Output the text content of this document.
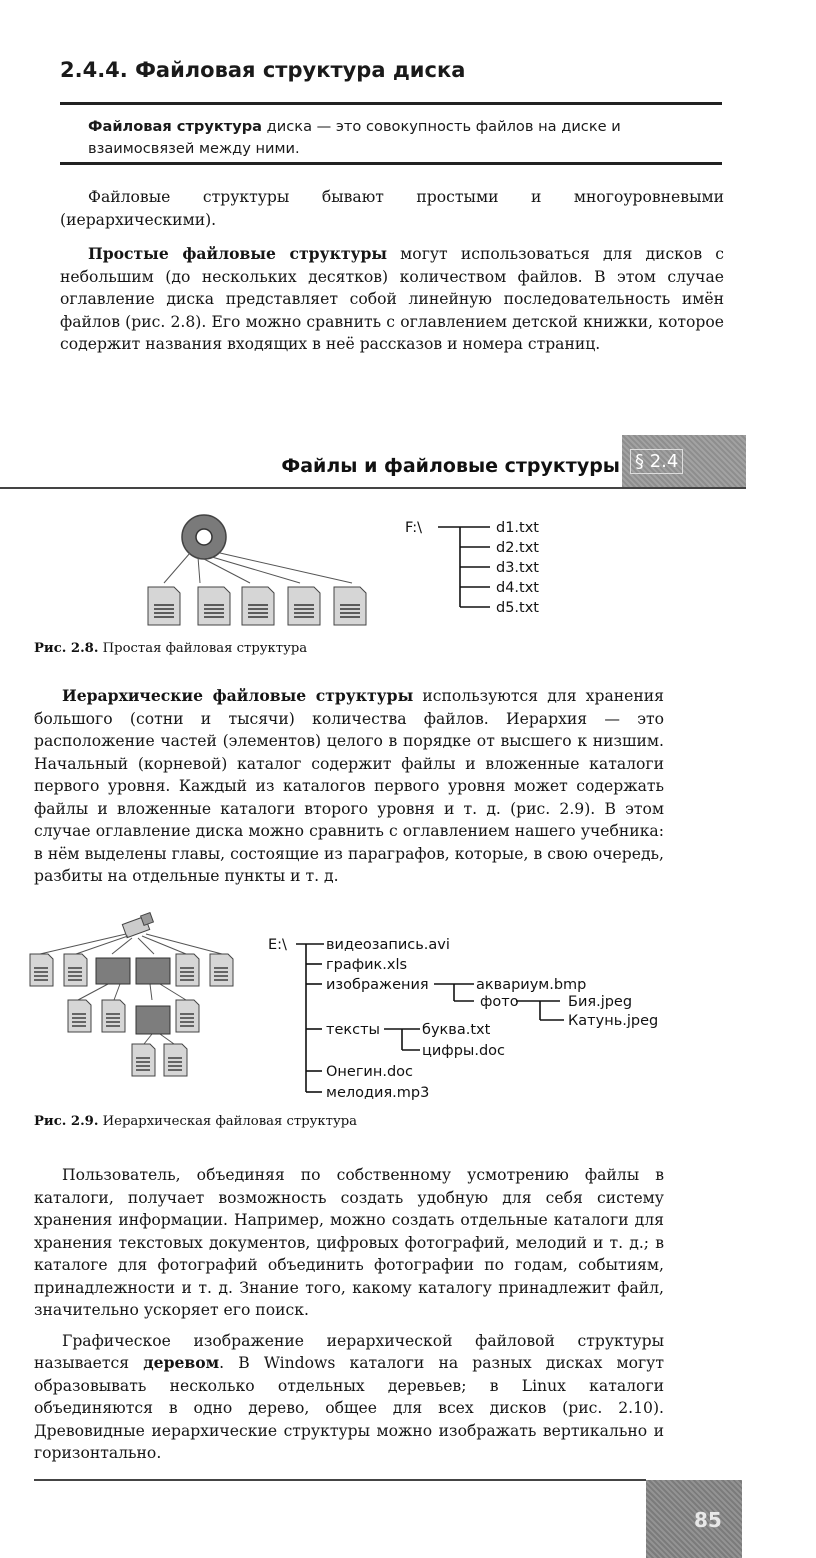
2.4.4. Файловая структура диска
Файловая структура диска — это совокупность файлов на диске и взаимосвязей между ними.

Файловые структуры бывают простыми и многоуровневыми (иерархическими).

Простые файловые структуры могут использоваться для дисков с небольшим (до нескольких десятков) количеством файлов. В этом случае оглавление диска представляет собой линейную последовательность имён файлов (рис. 2.8). Его можно сравнить с оглавлением детской книжки, которое содержит названия входящих в неё рассказов и номера страниц.

Файлы и файловые структуры § 2.4
F:\	d1.txt
d2.txt
d3.txt
d4.txt
d5.txt
Рис. 2.8. Простая файловая структура

Иерархические файловые структуры используются для хранения большого (сотни и тысячи) количества файлов. Иерархия — это расположение частей (элементов) целого в порядке от высшего к низшим. Начальный (корневой) каталог содержит файлы и вложенные каталоги первого уровня. Каждый из каталогов первого уровня может содержать файлы и вложенные каталоги второго уровня и т. д. (рис. 2.9). В этом случае оглавление диска можно сравнить с оглавлением нашего учебника: в нём выделены главы, состоящие из параграфов, которые, в свою очередь, разбиты на отдельные пункты и т. д.

E:\	видеозапись.avi
график.xls
изображения	аквариум.bmp
фото	Бия.jpeg
Катунь.jpeg
тексты	буква.txt
цифры.doc
Онегин.doc
мелодия.mp3
Рис. 2.9. Иерархическая файловая структура

Пользователь, объединяя по собственному усмотрению файлы в каталоги, получает возможность создать удобную для себя систему хранения информации. Например, можно создать отдельные каталоги для хранения текстовых документов, цифровых фотографий, мелодий и т. д.; в каталоге для фотографий объединить фотографии по годам, событиям, принадлежности и т. д. Знание того, какому каталогу принадлежит файл, значительно ускоряет его поиск.

Графическое изображение иерархической файловой структуры называется деревом. В Windows каталоги на разных дисках могут образовывать несколько отдельных деревьев; в Linux каталоги объединяются в одно дерево, общее для всех дисков (рис. 2.10). Древовидные иерархические структуры можно изображать вертикально и горизонтально.

85
